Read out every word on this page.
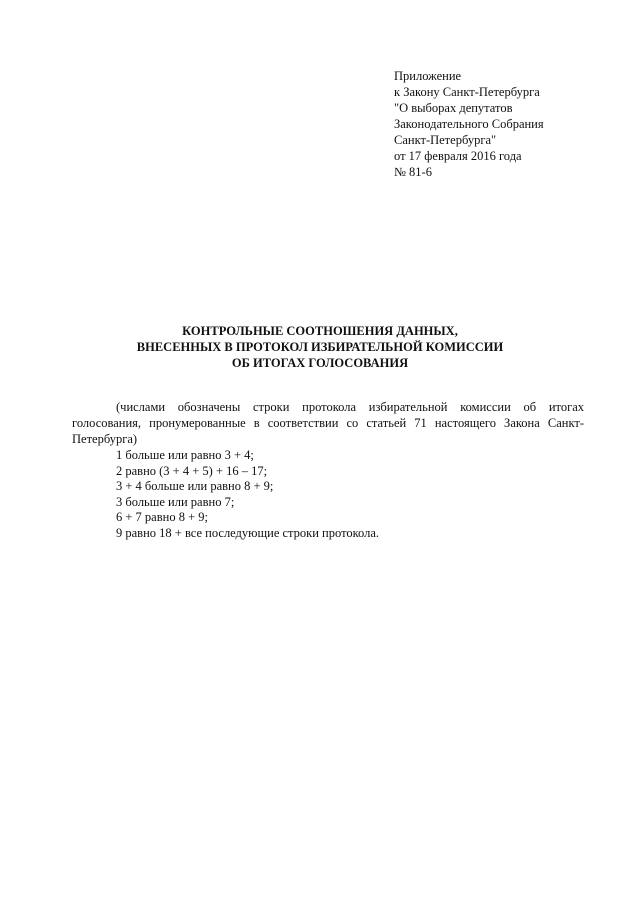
Приложение
к Закону Санкт-Петербурга
"О выборах депутатов
Законодательного Собрания
Санкт-Петербурга"
от 17 февраля 2016 года
№ 81-6
КОНТРОЛЬНЫЕ СООТНОШЕНИЯ ДАННЫХ,
ВНЕСЕННЫХ В ПРОТОКОЛ ИЗБИРАТЕЛЬНОЙ КОМИССИИ
ОБ ИТОГАХ ГОЛОСОВАНИЯ

(числами обозначены строки протокола избирательной комиссии об итогах голосования, пронумерованные в соответствии со статьей 71 настоящего Закона Санкт-Петербурга)

1 больше или равно 3 + 4;
2 равно (3 + 4 + 5) + 16 – 17;
3 + 4 больше или равно 8 + 9;
3 больше или равно 7;
6 + 7 равно 8 + 9;
9 равно 18 + все последующие строки протокола.
